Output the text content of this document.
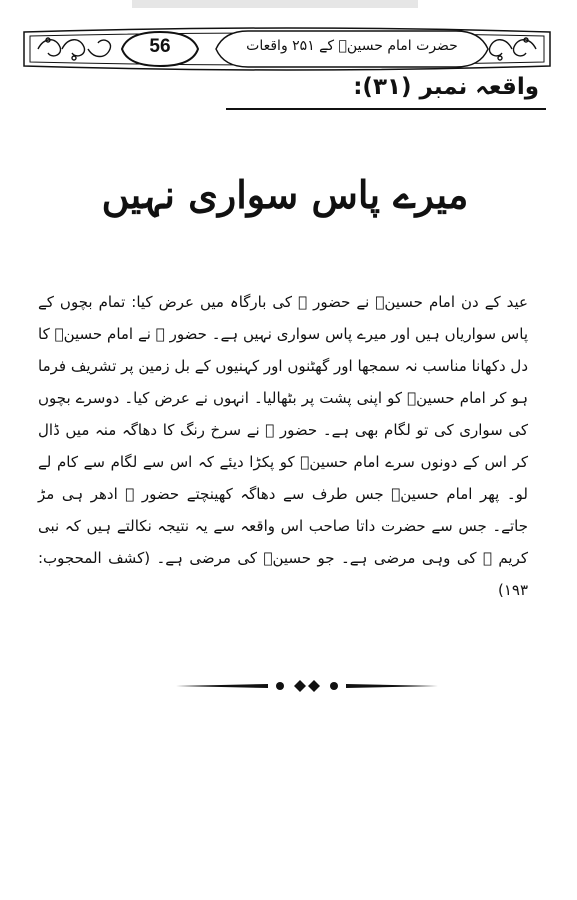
56	حضرت امام حسینؓ کے ۲۵۱ واقعات
واقعہ نمبر (۳۱):
میرے پاس سواری نہیں
عید کے دن امام حسینؓ نے حضور ﷺ کی بارگاہ میں عرض کیا: تمام بچوں کے پاس سواریاں ہیں اور میرے پاس سواری نہیں ہے۔ حضور ﷺ نے امام حسینؓ کا دل دکھانا مناسب نہ سمجھا اور گھٹنوں اور کہنیوں کے بل زمین پر تشریف فرما ہو کر امام حسینؓ کو اپنی پشت پر بٹھالیا۔ انہوں نے عرض کیا۔ دوسرے بچوں کی سواری کی تو لگام بھی ہے۔ حضور ﷺ نے سرخ رنگ کا دھاگہ منہ میں ڈال کر اس کے دونوں سرے امام حسینؓ کو پکڑا دیئے کہ اس سے لگام سے کام لے لو۔ پھر امام حسینؓ جس طرف سے دھاگہ کھینچتے حضور ﷺ ادھر ہی مڑ جاتے۔ جس سے حضرت داتا صاحب اس واقعہ سے یہ نتیجہ نکالتے ہیں کہ نبی کریم ﷺ کی وہی مرضی ہے۔ جو حسینؓ کی مرضی ہے۔ (کشف المحجوب: ۱۹۳)
